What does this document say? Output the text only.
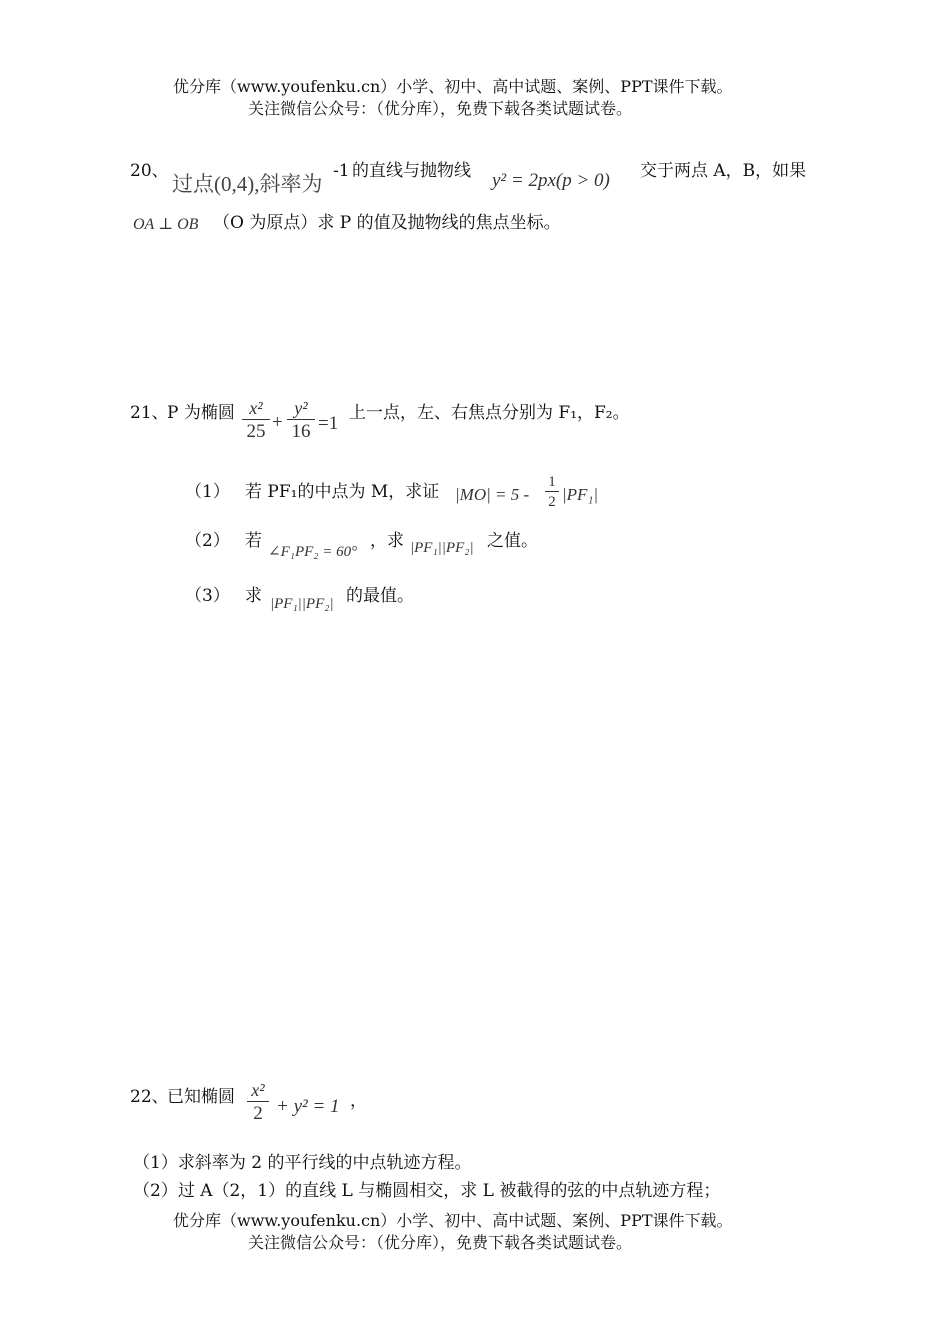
优分库（www.youfenku.cn）小学、初中、高中试题、案例、PPT课件下载。
关注微信公众号：（优分库），免费下载各类试题试卷。
20、
过点(0,4),斜率为
-1 的直线与抛物线 y² = 2px(p > 0) 交于两点 A，B，如果
OA ⊥ OB （O 为原点）求 P 的值及抛物线的焦点坐标。
21、
P 为椭圆 x²
25 +
y²
16 =1 上一点，左、右焦点分别为 F₁，F₂。
（1） 若 PF₁的中点为 M，求证 |MO| = 5 -
1
2 |PF₁|
（2） 若
∠F₁PF₂ = 60°
，求 |PF₁||PF₂| 之值。
（3） 求 |PF₁||PF₂| 的最值。
22、
已知椭圆 x²
2 + y² = 1 ，
（1）求斜率为 2 的平行线的中点轨迹方程。
（2）过 A（2，1）的直线 L 与椭圆相交，求 L 被截得的弦的中点轨迹方程；
优分库（www.youfenku.cn）小学、初中、高中试题、案例、PPT课件下载。
关注微信公众号：（优分库），免费下载各类试题试卷。
